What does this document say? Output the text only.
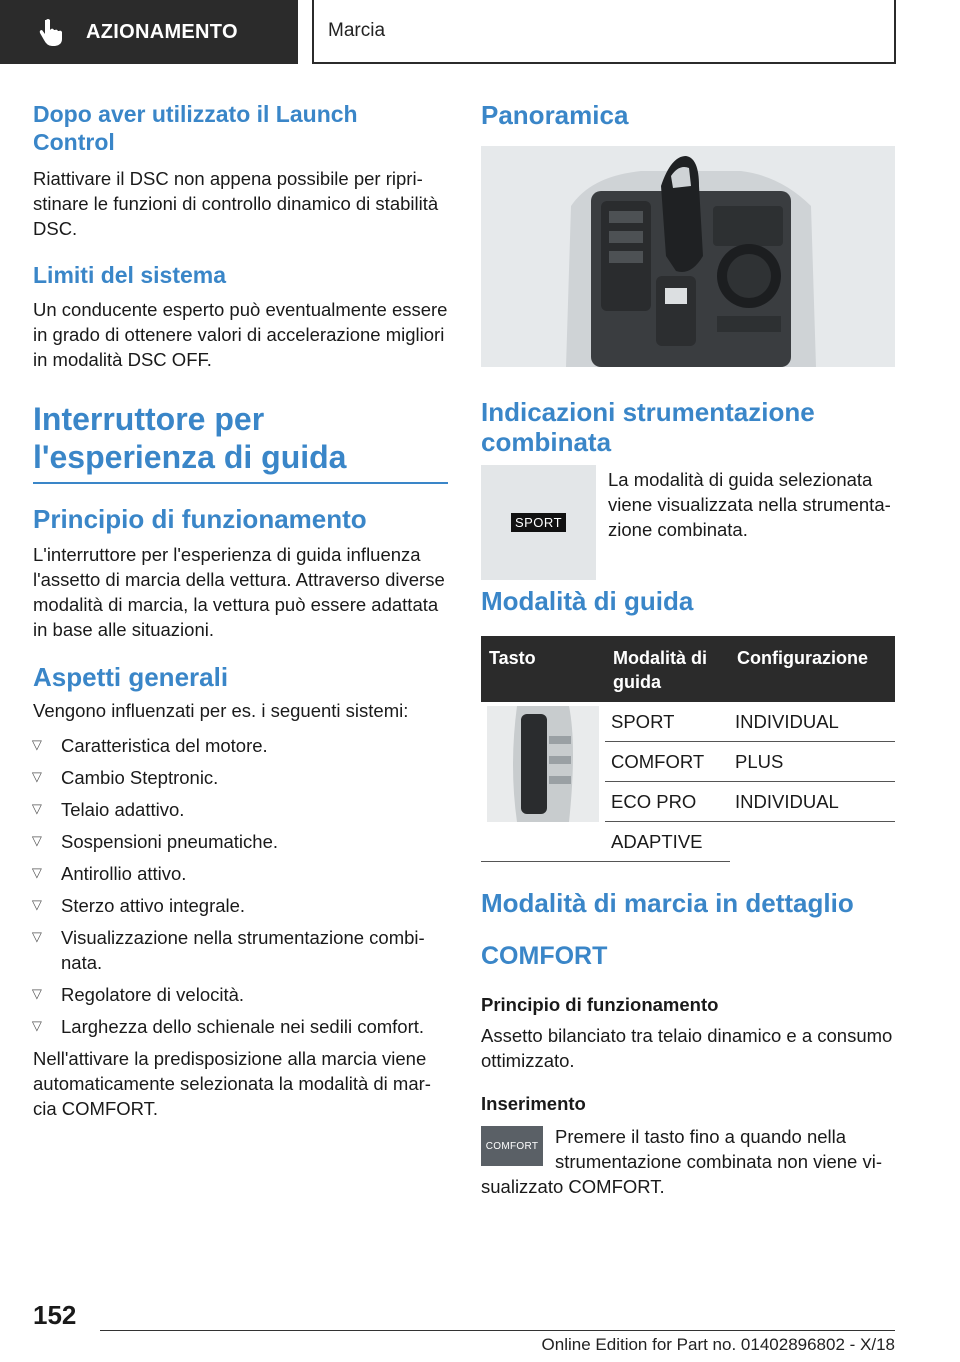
AZIONAMENTO	Marcia
Dopo aver utilizzato il Launch Control
Riattivare il DSC non appena possibile per ripristinare le funzioni di controllo dinamico di stabilità DSC.
Limiti del sistema
Un conducente esperto può eventualmente essere in grado di ottenere valori di accelerazione migliori in modalità DSC OFF.
Interruttore per
l'esperienza di guida
Principio di funzionamento
L'interruttore per l'esperienza di guida influenza l'assetto di marcia della vettura. Attraverso diverse modalità di marcia, la vettura può essere adattata in base alle situazioni.
Aspetti generali
Vengono influenzati per es. i seguenti sistemi:
▷ Caratteristica del motore.
▷ Cambio Steptronic.
▷ Telaio adattivo.
▷ Sospensioni pneumatiche.
▷ Antirollio attivo.
▷ Sterzo attivo integrale.
▷ Visualizzazione nella strumentazione combinata.
▷ Regolatore di velocità.
▷ Larghezza dello schienale nei sedili comfort.
Nell'attivare la predisposizione alla marcia viene automaticamente selezionata la modalità di marcia COMFORT.
Panoramica
Indicazioni strumentazione combinata
SPORT
La modalità di guida selezionata viene visualizzata nella strumentazione combinata.
Modalità di guida
Tasto	Modalità di guida	Configurazione

	SPORT	INDIVIDUAL
	COMFORT	PLUS
	ECO PRO	INDIVIDUAL
	ADAPTIVE	
Modalità di marcia in dettaglio
COMFORT
Principio di funzionamento
Assetto bilanciato tra telaio dinamico e a consumo ottimizzato.
Inserimento
COMFORT Premere il tasto fino a quando nella strumentazione combinata non viene visualizzato COMFORT.
152
Online Edition for Part no. 01402896802 - X/18
